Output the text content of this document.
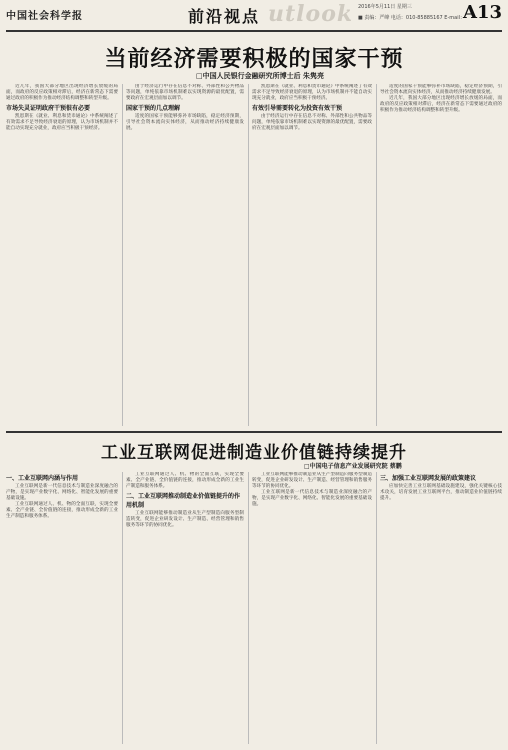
中国社会科学报	前沿视点 utlook 2016年5月11日 星期三
■ 责编：严峰 电话：010-85885167 E-mail：
A13
当前经济需要积极的国家干预
□中国人民银行金融研究所博士后 朱隽亮

近几年，我国大部分地区出现经济增长放缓的局面，而政府的反应政策相对滞后，经济在新常态下需要通过政府的积极作为推动经济结构调整和转型升级。

市场失灵证明政府干预很有必要

凯恩斯在《就业、利息和货币通论》中系统阐述了有效需求不足导致经济衰退的原理，认为市场机制并不能自动实现充分就业，政府应当积极干预经济。

由于经济运行中存在信息不对称、外部性和公共物品等问题，单纯依靠市场机制难以实现资源的最优配置，需要政府在宏观层面加以调节。

国家干预的几点理解

适度的国家干预能够弥补市场缺陷，稳定经济预期，引导社会资本流向实体经济，从而推动经济持续健康发展。

凯恩斯在《就业、利息和货币通论》中系统阐述了有效需求不足导致经济衰退的原理，认为市场机制并不能自动实现充分就业，政府应当积极干预经济。

有效引导需要转化为投资有效干预

由于经济运行中存在信息不对称、外部性和公共物品等问题，单纯依靠市场机制难以实现资源的最优配置，需要政府在宏观层面加以调节。

适度的国家干预能够弥补市场缺陷，稳定经济预期，引导社会资本流向实体经济，从而推动经济持续健康发展。

近几年，我国大部分地区出现经济增长放缓的局面，而政府的反应政策相对滞后，经济在新常态下需要通过政府的积极作为推动经济结构调整和转型升级。

工业互联网促进制造业价值链持续提升
□中国电子信息产业发展研究院 蔡鹏
一、工业互联网内涵与作用

工业互联网是新一代信息技术与制造业深度融合的产物，是实现产业数字化、网络化、智能化发展的重要基础设施。

工业互联网通过人、机、物的全面互联，实现全要素、全产业链、全价值链的连接，推动形成全新的工业生产制造和服务体系。

工业互联网通过人、机、物的全面互联，实现全要素、全产业链、全价值链的连接，推动形成全新的工业生产制造和服务体系。

二、工业互联网推动制造业价值链提升的作用机制

工业互联网能够推动制造业从生产型制造向服务型制造转变，促进企业研发设计、生产制造、经营管理和销售服务等环节的协同优化。

工业互联网能够推动制造业从生产型制造向服务型制造转变，促进企业研发设计、生产制造、经营管理和销售服务等环节的协同优化。

工业互联网是新一代信息技术与制造业深度融合的产物，是实现产业数字化、网络化、智能化发展的重要基础设施。

三、加强工业互联网发展的政策建议

应加快完善工业互联网基础设施建设，强化关键核心技术攻关，培育发展工业互联网平台，推动制造业价值链持续提升。
